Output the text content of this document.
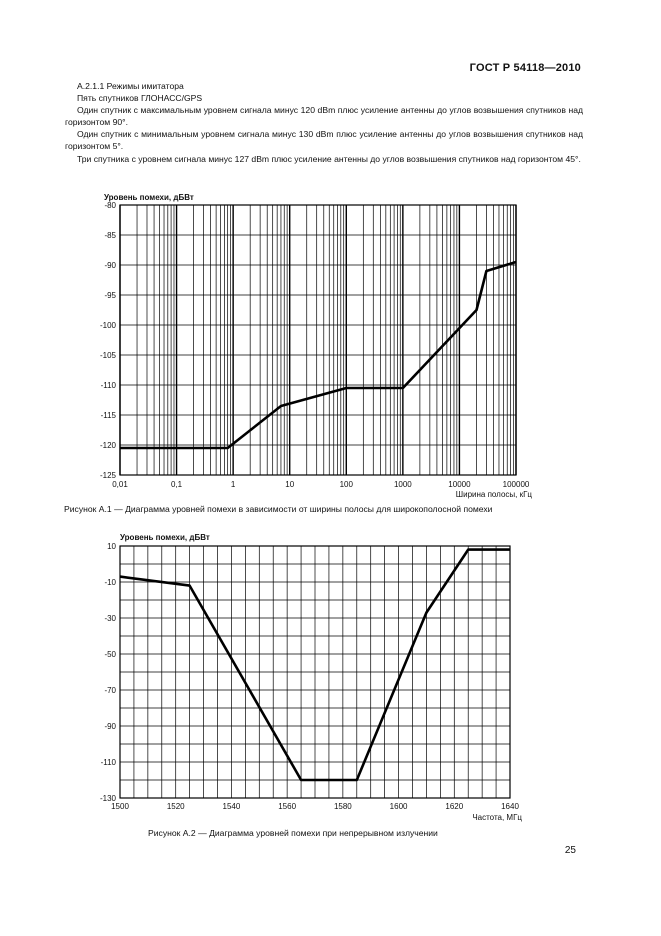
ГОСТ Р 54118—2010

А.2.1.1 Режимы имитатора

Пять спутников ГЛОНАСС/GPS

Один спутник с максимальным уровнем сигнала минус 120 dBm плюс усиление антенны до углов возвышения спутников над горизонтом 90°.

Один спутник с минимальным уровнем сигнала минус 130 dBm плюс усиление антенны до углов возвышения спутников над горизонтом 5°.

Три спутника с уровнем сигнала минус 127 dBm плюс усиление антенны до углов возвышения спутников над горизонтом 45°.

0,01	0,1	1	10	100	1000	10000	100000
-80
-85
-90
-95
-100
-105
-110
-115
-120
-125
Уровень помехи, дБВт
Ширина полосы, кГц
1500	1520	1540	1560	1580	1600	1620	1640
10
-10
-30
-50
-70
-90
-110
-130
Уровень помехи, дБВт
Частота, МГц
Рисунок А.1 — Диаграмма уровней помехи в зависимости от ширины полосы для широкополосной помехи
Рисунок А.2 — Диаграмма уровней помехи при непрерывном излучении
25
